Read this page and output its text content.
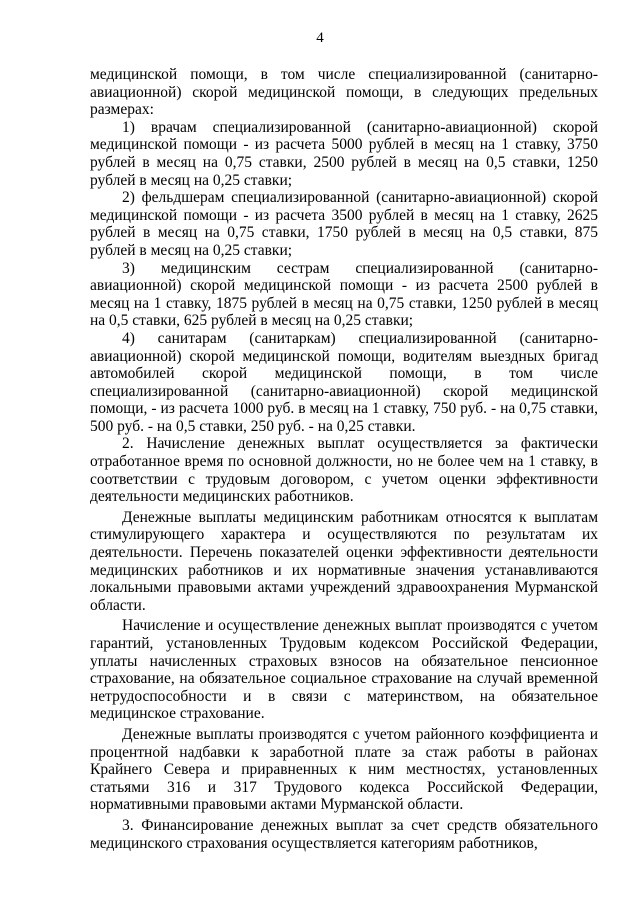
4

медицинской помощи, в том числе специализированной (санитарно-авиационной) скорой медицинской помощи, в следующих предельных размерах:

1) врачам специализированной (санитарно-авиационной) скорой медицинской помощи - из расчета 5000 рублей в месяц на 1 ставку, 3750 рублей в месяц на 0,75 ставки, 2500 рублей в месяц на 0,5 ставки, 1250 рублей в месяц на 0,25 ставки;

2) фельдшерам специализированной (санитарно-авиационной) скорой медицинской помощи - из расчета 3500 рублей в месяц на 1 ставку, 2625 рублей в месяц на 0,75 ставки, 1750 рублей в месяц на 0,5 ставки, 875 рублей в месяц на 0,25 ставки;

3) медицинским сестрам специализированной (санитарно-авиационной) скорой медицинской помощи - из расчета 2500 рублей в месяц на 1 ставку, 1875 рублей в месяц на 0,75 ставки, 1250 рублей в месяц на 0,5 ставки, 625 рублей в месяц на 0,25 ставки;

4) санитарам (санитаркам) специализированной (санитарно-авиационной) скорой медицинской помощи, водителям выездных бригад автомобилей скорой медицинской помощи, в том числе специализированной (санитарно-авиационной) скорой медицинской помощи, - из расчета 1000 руб. в месяц на 1 ставку, 750 руб. - на 0,75 ставки, 500 руб. - на 0,5 ставки, 250 руб. - на 0,25 ставки.

2. Начисление денежных выплат осуществляется за фактически отработанное время по основной должности, но не более чем на 1 ставку, в соответствии с трудовым договором, с учетом оценки эффективности деятельности медицинских работников.

Денежные выплаты медицинским работникам относятся к выплатам стимулирующего характера и осуществляются по результатам их деятельности. Перечень показателей оценки эффективности деятельности медицинских работников и их нормативные значения устанавливаются локальными правовыми актами учреждений здравоохранения Мурманской области.

Начисление и осуществление денежных выплат производятся с учетом гарантий, установленных Трудовым кодексом Российской Федерации, уплаты начисленных страховых взносов на обязательное пенсионное страхование, на обязательное социальное страхование на случай временной нетрудоспособности и в связи с материнством, на обязательное медицинское страхование.

Денежные выплаты производятся с учетом районного коэффициента и процентной надбавки к заработной плате за стаж работы в районах Крайнего Севера и приравненных к ним местностях, установленных статьями 316 и 317 Трудового кодекса Российской Федерации, нормативными правовыми актами Мурманской области.

3. Финансирование денежных выплат за счет средств обязательного медицинского страхования осуществляется категориям работников,
